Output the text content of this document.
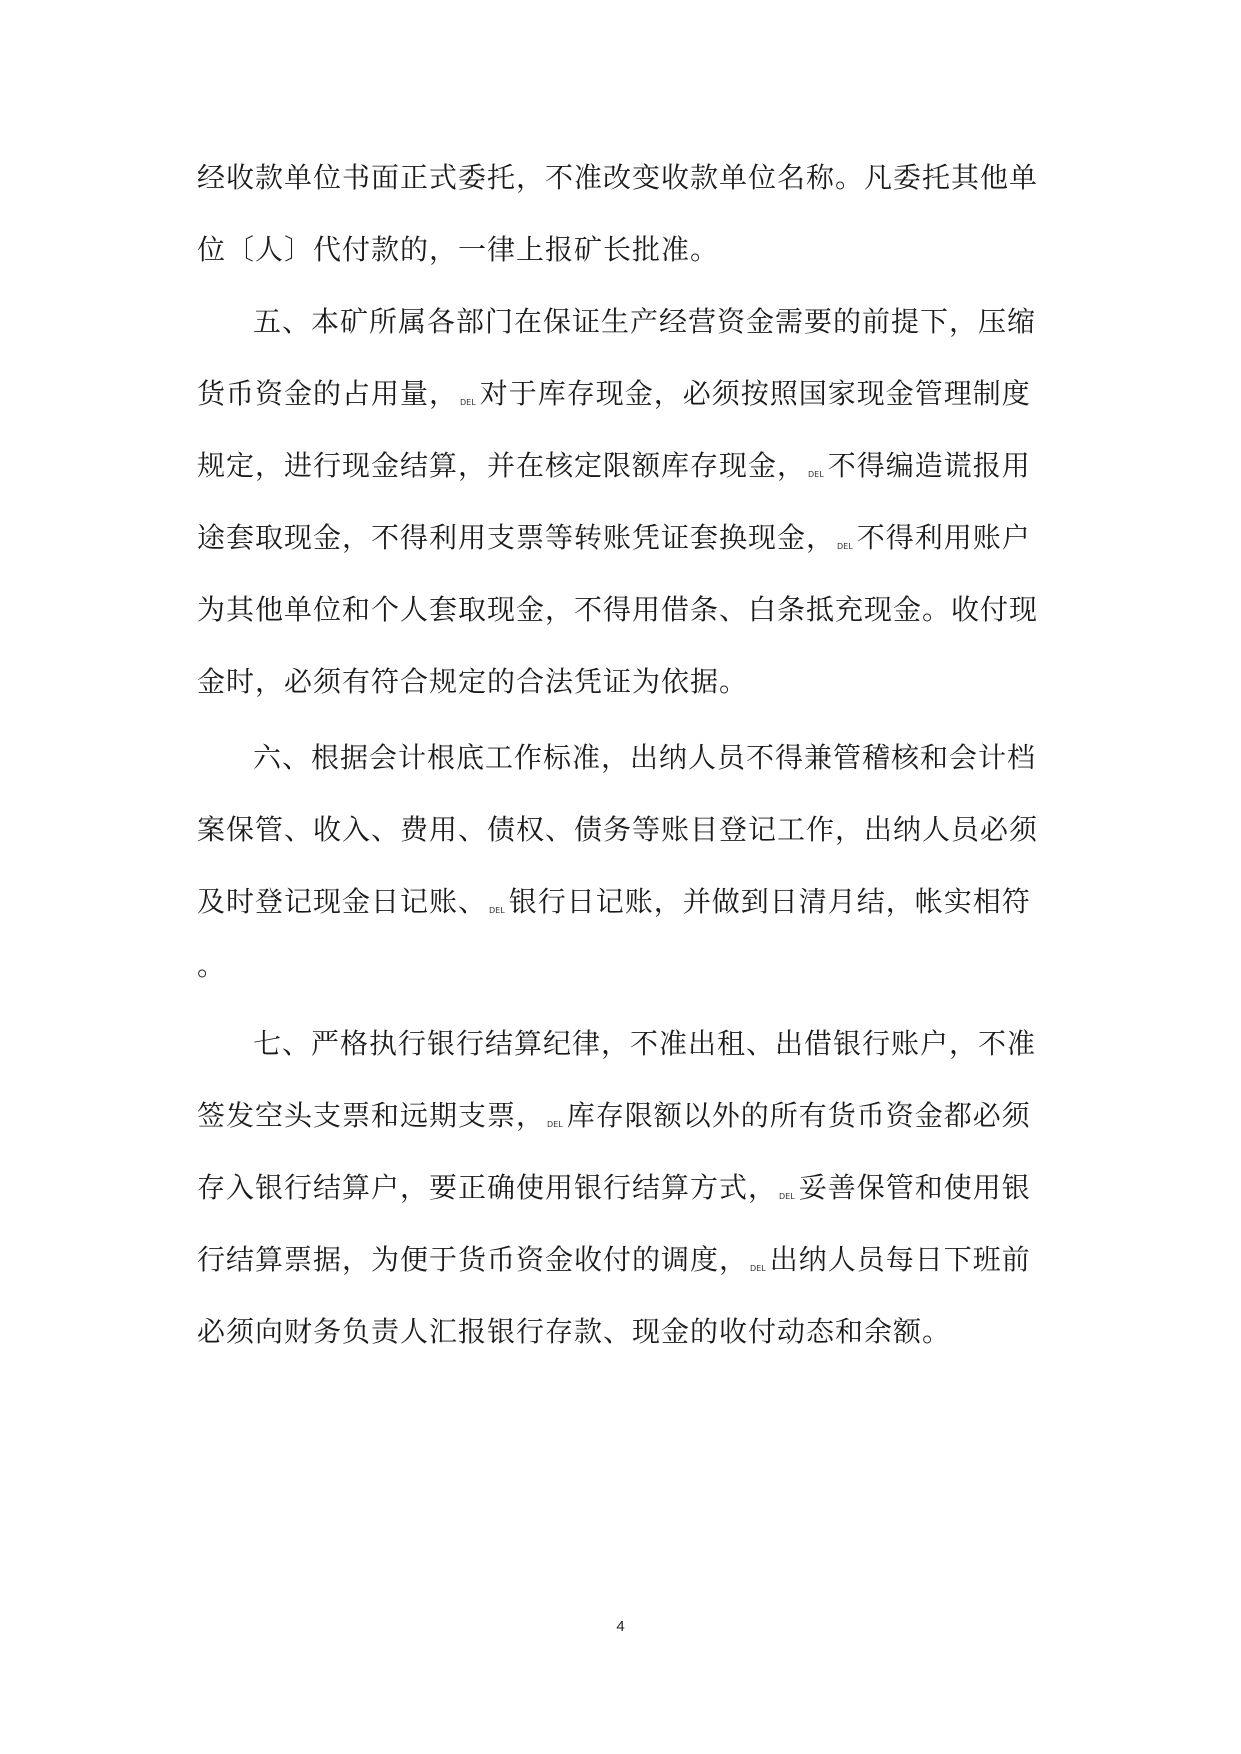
经收款单位书面正式委托，不准改变收款单位名称。凡委托其他单
位〔人〕代付款的，一律上报矿长批准。
五、本矿所属各部门在保证生产经营资金需要的前提下，压缩
货币资金的占用量， DEL 对于库存现金，必须按照国家现金管理制度
规定，进行现金结算，并在核定限额库存现金， DEL 不得编造谎报用
途套取现金，不得利用支票等转账凭证套换现金， DEL 不得利用账户
为其他单位和个人套取现金，不得用借条、白条抵充现金。收付现
金时，必须有符合规定的合法凭证为依据。
六、根据会计根底工作标准，出纳人员不得兼管稽核和会计档
案保管、收入、费用、债权、债务等账目登记工作，出纳人员必须
及时登记现金日记账、 DEL 银行日记账，并做到日清月结，帐实相符
。
七、严格执行银行结算纪律，不准出租、出借银行账户，不准
签发空头支票和远期支票， DEL 库存限额以外的所有货币资金都必须
存入银行结算户，要正确使用银行结算方式， DEL 妥善保管和使用银
行结算票据，为便于货币资金收付的调度， DEL 出纳人员每日下班前
必须向财务负责人汇报银行存款、现金的收付动态和余额。
4
